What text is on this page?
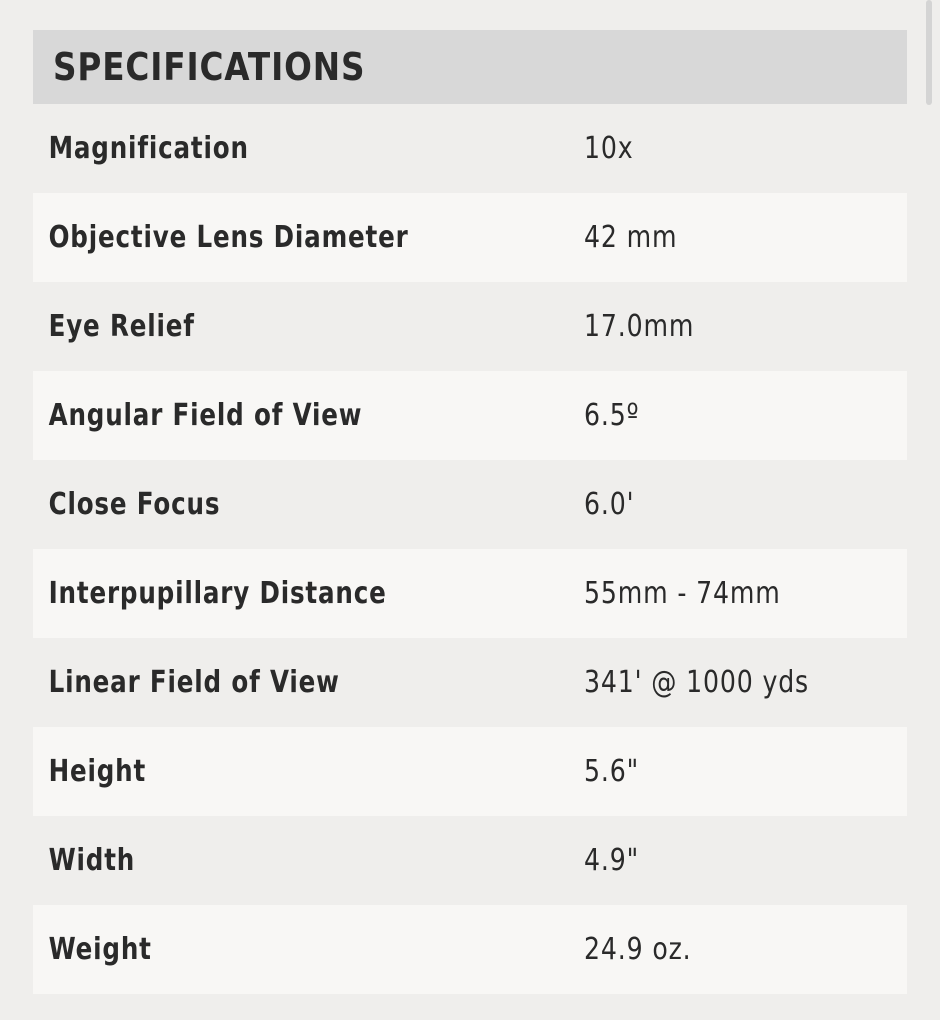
SPECIFICATIONS
Magnification	10x
Objective Lens Diameter	42 mm
Eye Relief	17.0mm
Angular Field of View	6.5º
Close Focus	6.0'
Interpupillary Distance	55mm - 74mm
Linear Field of View	341' @ 1000 yds
Height	5.6"
Width	4.9"
Weight	24.9 oz.
